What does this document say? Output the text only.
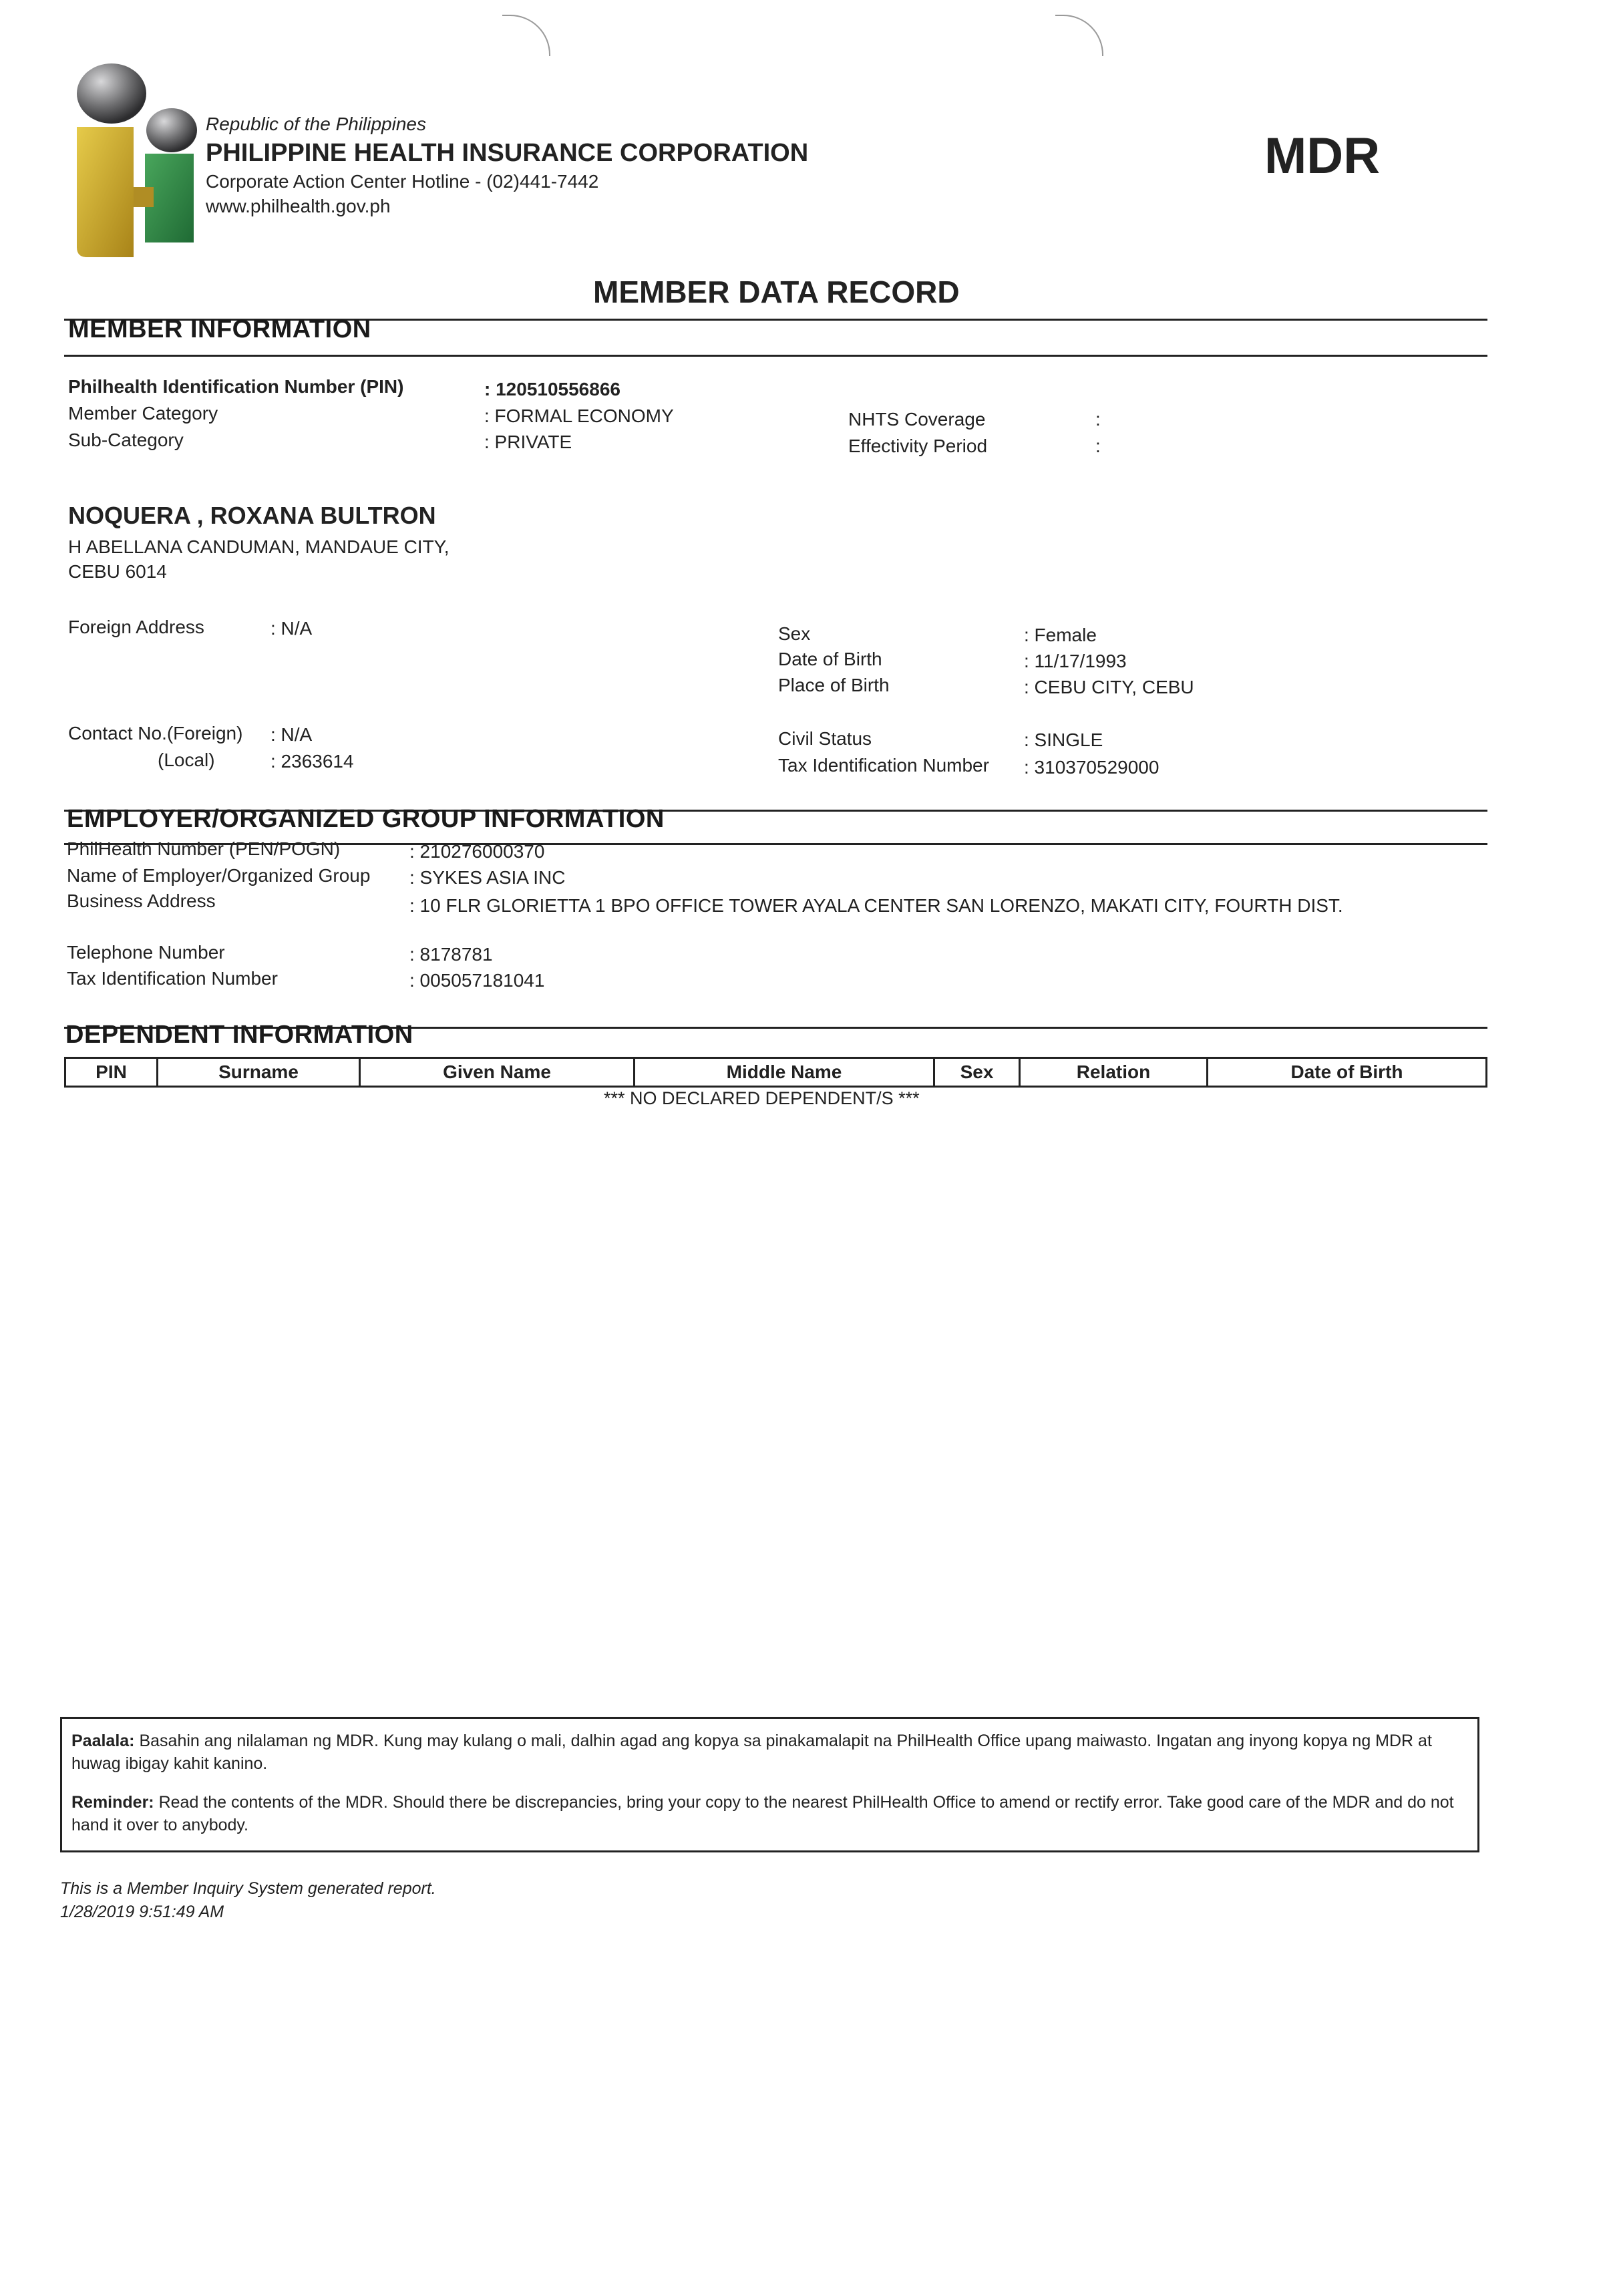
Republic of the Philippines
PHILIPPINE HEALTH INSURANCE CORPORATION
Corporate Action Center Hotline - (02)441-7442
www.philhealth.gov.ph
MDR
MEMBER DATA RECORD
MEMBER INFORMATION
Philhealth Identification Number (PIN)	: 120510556866
Member Category	: FORMAL ECONOMY
Sub-Category	: PRIVATE
NHTS Coverage	:
Effectivity Period	:
NOQUERA , ROXANA BULTRON
H ABELLANA CANDUMAN, MANDAUE CITY,
CEBU 6014
Foreign Address	: N/A	Sex	: Female
Date of Birth	: 11/17/1993
Place of Birth	: CEBU CITY, CEBU
Contact No.(Foreign) : N/A
(Local)	: 2363614
Civil Status	: SINGLE
Tax Identification Number : 310370529000
EMPLOYER/ORGANIZED GROUP INFORMATION
PhilHealth Number (PEN/POGN)	: 210276000370
Name of Employer/Organized Group : SYKES ASIA INC
Business Address	: 10 FLR GLORIETTA 1 BPO OFFICE TOWER AYALA CENTER SAN LORENZO, MAKATI CITY, FOURTH DIST.
Telephone Number	: 8178781
Tax Identification Number	: 005057181041
DEPENDENT INFORMATION
PIN	Surname	Given Name	Middle Name	Sex	Relation	Date of Birth
*** NO DECLARED DEPENDENT/S ***

Paalala: Basahin ang nilalaman ng MDR. Kung may kulang o mali, dalhin agad ang kopya sa pinakamalapit na PhilHealth Office upang maiwasto. Ingatan ang inyong kopya ng MDR at huwag ibigay kahit kanino.

Reminder: Read the contents of the MDR. Should there be discrepancies, bring your copy to the nearest PhilHealth Office to amend or rectify error. Take good care of the MDR and do not hand it over to anybody.

This is a Member Inquiry System generated report.
1/28/2019 9:51:49 AM
